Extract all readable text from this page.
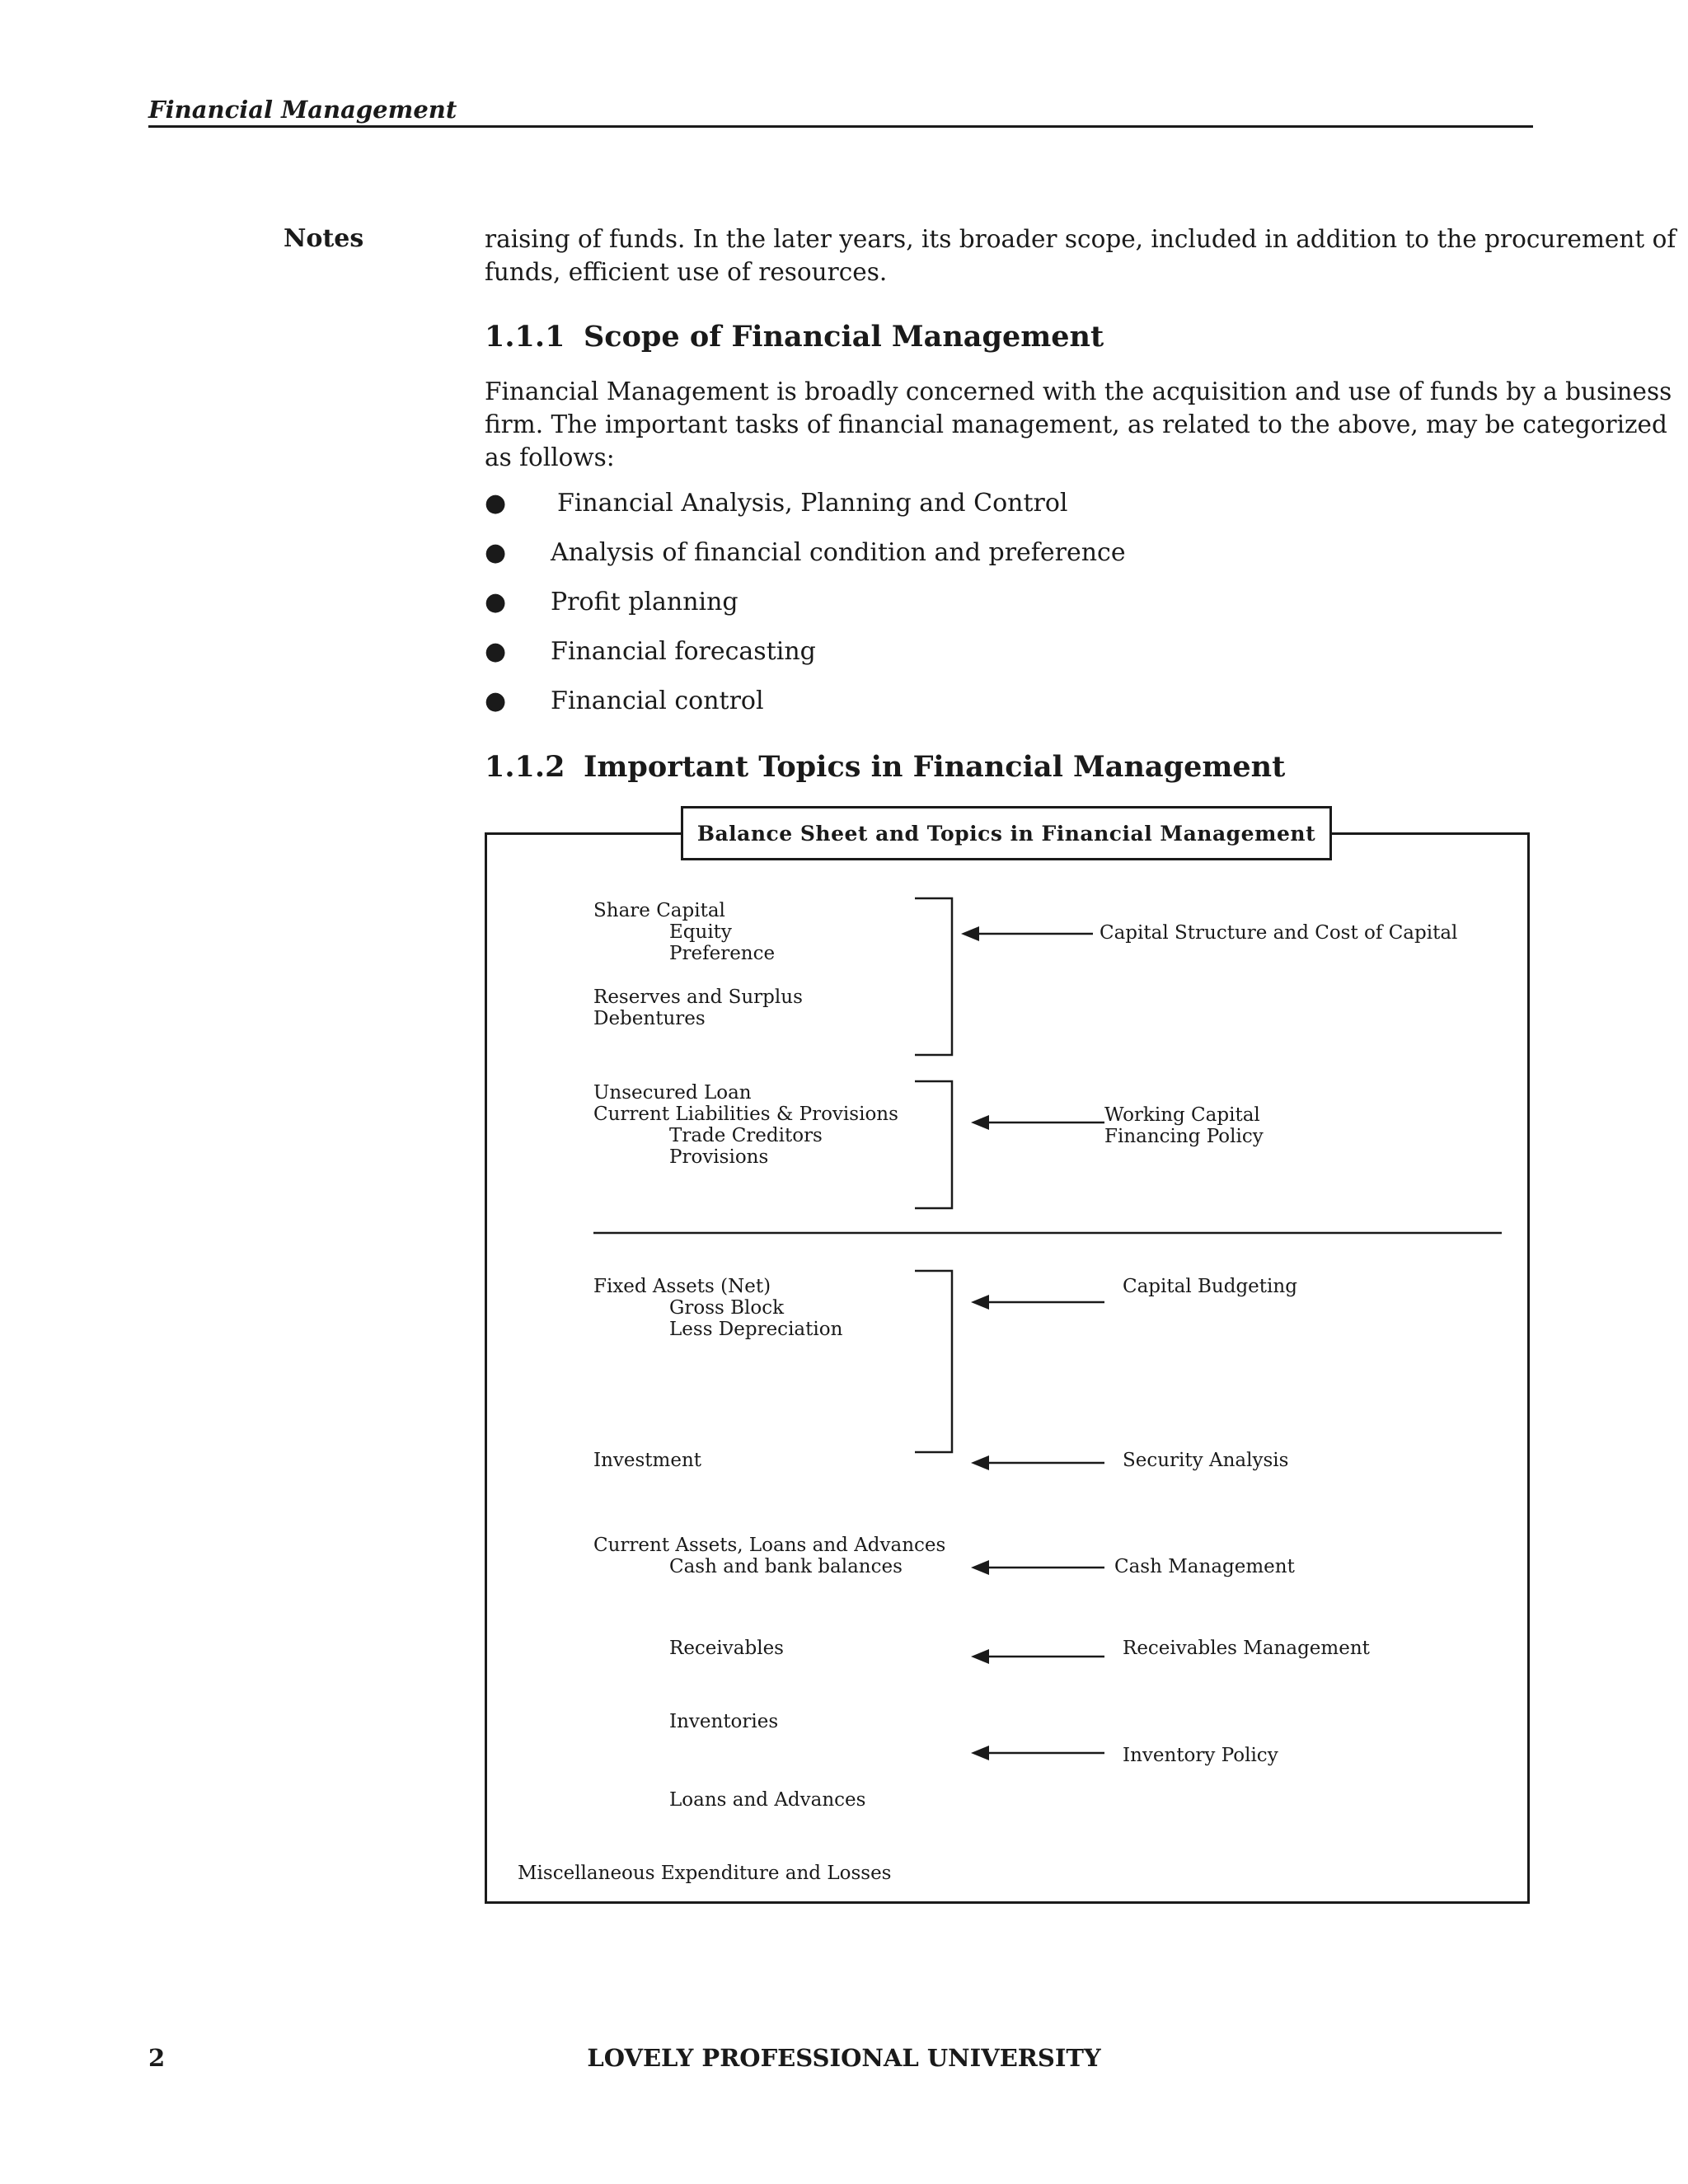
Financial Management
Notes	raising of funds. In the later years, its broader scope, included in addition to the procurement of
funds, efficient use of resources.
1.1.1 Scope of Financial Management
Financial Management is broadly concerned with the acquisition and use of funds by a business
firm. The important tasks of financial management, as related to the above, may be categorized
as follows:
● Financial Analysis, Planning and Control
● Analysis of financial condition and preference
● Profit planning
● Financial forecasting
● Financial control
1.1.2 Important Topics in Financial Management
Balance Sheet and Topics in Financial Management
Share Capital
Equity
Preference
Reserves and Surplus
Debentures
Unsecured Loan
Current Liabilities & Provisions
Trade Creditors
Provisions
Fixed Assets (Net)
Gross Block
Less Depreciation
Investment
Current Assets, Loans and Advances
Cash and bank balances
Receivables
Inventories
Loans and Advances
Miscellaneous Expenditure and Losses
Capital Structure and Cost of Capital
Working Capital
Financing Policy
Capital Budgeting
Security Analysis
Cash Management
Receivables Management
Inventory Policy
2	LOVELY PROFESSIONAL UNIVERSITY
